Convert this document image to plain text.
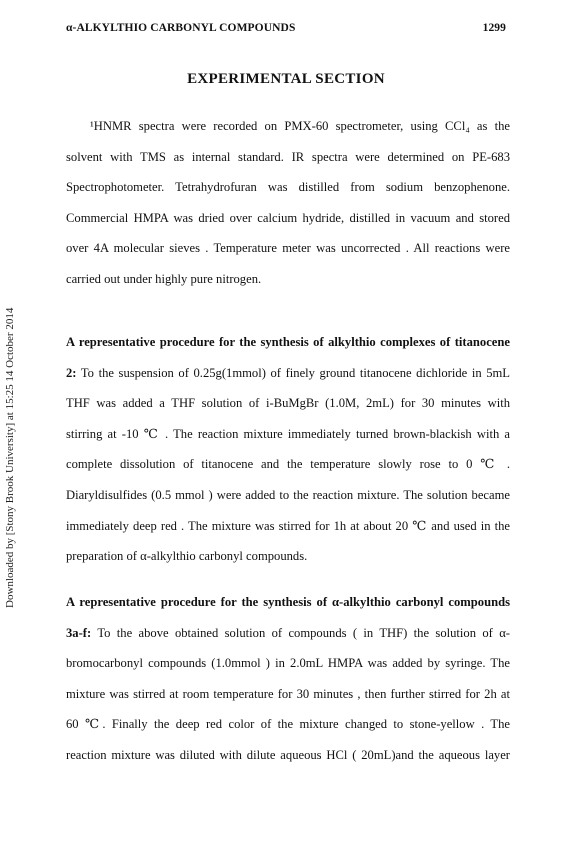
α-ALKYLTHIO CARBONYL COMPOUNDS	1299
EXPERIMENTAL SECTION
Downloaded by [Stony Brook University] at 15:25 14 October 2014
¹HNMR spectra were recorded on PMX-60 spectrometer, using CCl₄ as the
solvent with TMS as internal standard. IR spectra were determined on PE-683
Spectrophotometer. Tetrahydrofuran was distilled from sodium benzophenone.
Commercial HMPA was dried over calcium hydride, distilled in vacuum and stored
over 4A molecular sieves . Temperature meter was uncorrected . All reactions were
carried out under highly pure nitrogen.
A representative procedure for the synthesis of alkylthio complexes of titanocene
2: To the suspension of 0.25g(1mmol) of finely ground titanocene dichloride in 5mL
THF was added a THF solution of i-BuMgBr (1.0M, 2mL) for 30 minutes with
stirring at -10 ℃ . The reaction mixture immediately turned brown-blackish with a
complete dissolution of titanocene and the temperature slowly rose to 0 ℃ .
Diaryldisulfides (0.5 mmol ) were added to the reaction mixture. The solution became
immediately deep red . The mixture was stirred for 1h at about 20 ℃ and used in the
preparation of α-alkylthio carbonyl compounds.
A representative procedure for the synthesis of α-alkylthio carbonyl compounds
3a-f: To the above obtained solution of compounds ( in THF) the solution of α-
bromocarbonyl compounds (1.0mmol ) in 2.0mL HMPA was added by syringe. The
mixture was stirred at room temperature for 30 minutes , then further stirred for 2h at
60 ℃. Finally the deep red color of the mixture changed to stone-yellow . The
reaction mixture was diluted with dilute aqueous HCl ( 20mL)and the aqueous layer
